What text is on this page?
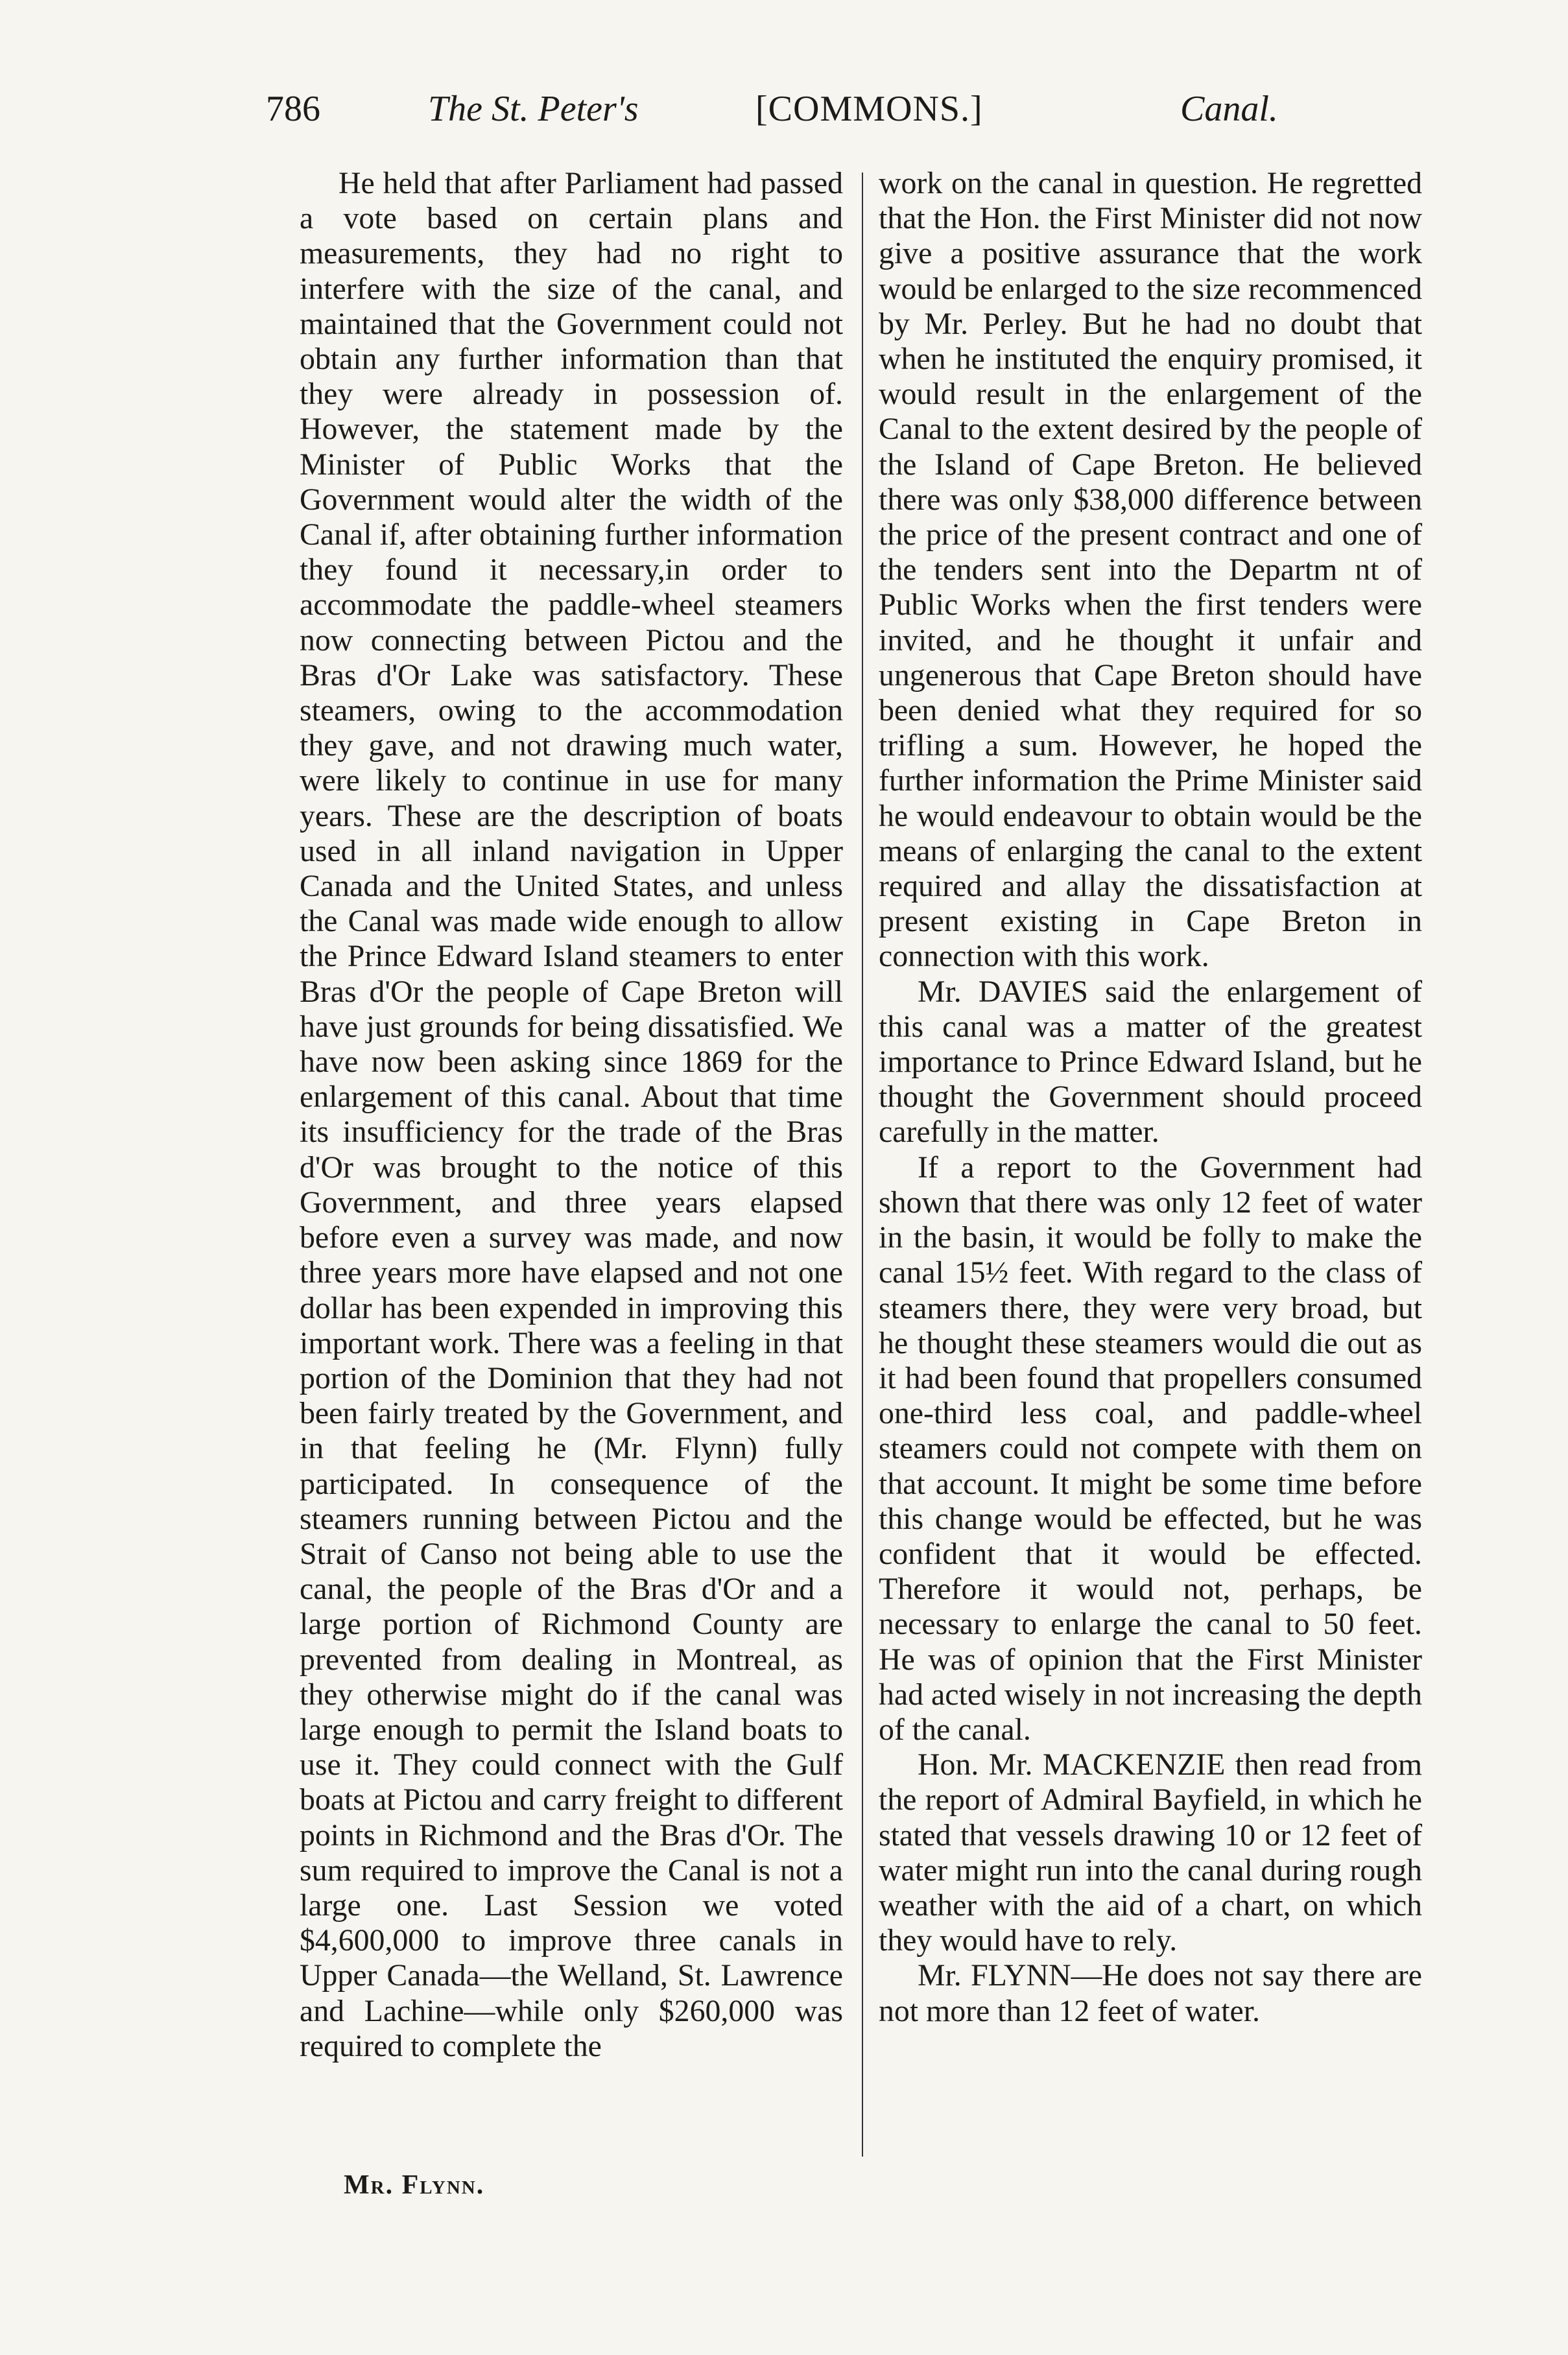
786	The St. Peter's	[COMMONS.]	Canal.

He held that after Parliament had passed a vote based on certain plans and measurements, they had no right to interfere with the size of the canal, and maintained that the Government could not obtain any further information than that they were already in possession of. However, the statement made by the Minister of Public Works that the Government would alter the width of the Canal if, after obtaining further information they found it necessary,in order to accommodate the paddle-wheel steamers now connecting between Pictou and the Bras d'Or Lake was satisfactory. These steamers, owing to the accommodation they gave, and not drawing much water, were likely to continue in use for many years. These are the description of boats used in all inland navigation in Upper Canada and the United States, and unless the Canal was made wide enough to allow the Prince Edward Island steamers to enter Bras d'Or the people of Cape Breton will have just grounds for being dissatisfied. We have now been asking since 1869 for the enlargement of this canal. About that time its insufficiency for the trade of the Bras d'Or was brought to the notice of this Government, and three years elapsed before even a survey was made, and now three years more have elapsed and not one dollar has been expended in improving this important work. There was a feeling in that portion of the Dominion that they had not been fairly treated by the Government, and in that feeling he (Mr. Flynn) fully participated. In consequence of the steamers running between Pictou and the Strait of Canso not being able to use the canal, the people of the Bras d'Or and a large portion of Richmond County are prevented from dealing in Montreal, as they otherwise might do if the canal was large enough to permit the Island boats to use it. They could connect with the Gulf boats at Pictou and carry freight to different points in Richmond and the Bras d'Or. The sum required to improve the Canal is not a large one. Last Session we voted $4,600,000 to improve three canals in Upper Canada—the Welland, St. Lawrence and Lachine—while only $260,000 was required to complete the

work on the canal in question. He regretted that the Hon. the First Minister did not now give a positive assurance that the work would be enlarged to the size recommenced by Mr. Perley. But he had no doubt that when he instituted the enquiry promised, it would result in the enlargement of the Canal to the extent desired by the people of the Island of Cape Breton. He believed there was only $38,000 difference between the price of the present contract and one of the tenders sent into the Departm nt of Public Works when the first tenders were invited, and he thought it unfair and ungenerous that Cape Breton should have been denied what they required for so trifling a sum. However, he hoped the further information the Prime Minister said he would endeavour to obtain would be the means of enlarging the canal to the extent required and allay the dissatisfaction at present existing in Cape Breton in connection with this work.

Mr. DAVIES said the enlargement of this canal was a matter of the greatest importance to Prince Edward Island, but he thought the Government should proceed carefully in the matter.

If a report to the Government had shown that there was only 12 feet of water in the basin, it would be folly to make the canal 15½ feet. With regard to the class of steamers there, they were very broad, but he thought these steamers would die out as it had been found that propellers consumed one-third less coal, and paddle-wheel steamers could not compete with them on that account. It might be some time before this change would be effected, but he was confident that it would be effected. Therefore it would not, perhaps, be necessary to enlarge the canal to 50 feet. He was of opinion that the First Minister had acted wisely in not increasing the depth of the canal.

Hon. Mr. MACKENZIE then read from the report of Admiral Bayfield, in which he stated that vessels drawing 10 or 12 feet of water might run into the canal during rough weather with the aid of a chart, on which they would have to rely.

Mr. FLYNN—He does not say there are not more than 12 feet of water.

Mr. Flynn.
